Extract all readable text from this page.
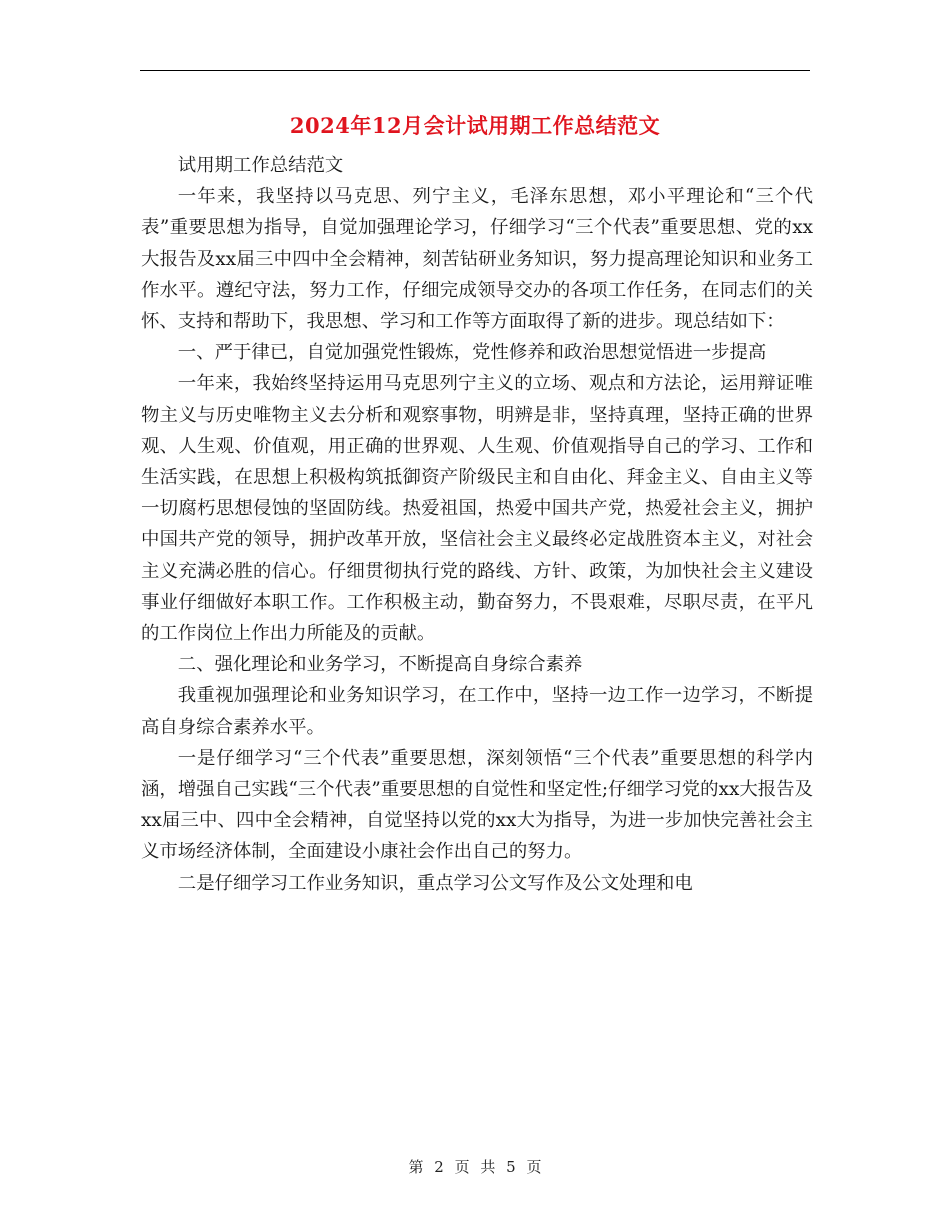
2024年12月会计试用期工作总结范文

试用期工作总结范文

一年来，我坚持以马克思、列宁主义，毛泽东思想，邓小平理论和“三个代表”重要思想为指导，自觉加强理论学习，仔细学习“三个代表”重要思想、党的xx大报告及xx届三中四中全会精神，刻苦钻研业务知识，努力提高理论知识和业务工作水平。遵纪守法，努力工作，仔细完成领导交办的各项工作任务，在同志们的关怀、支持和帮助下，我思想、学习和工作等方面取得了新的进步。现总结如下：

一、严于律已，自觉加强党性锻炼，党性修养和政治思想觉悟进一步提高

一年来，我始终坚持运用马克思列宁主义的立场、观点和方法论，运用辩证唯物主义与历史唯物主义去分析和观察事物，明辨是非，坚持真理，坚持正确的世界观、人生观、价值观，用正确的世界观、人生观、价值观指导自己的学习、工作和生活实践，在思想上积极构筑抵御资产阶级民主和自由化、拜金主义、自由主义等一切腐朽思想侵蚀的坚固防线。热爱祖国，热爱中国共产党，热爱社会主义，拥护中国共产党的领导，拥护改革开放，坚信社会主义最终必定战胜资本主义，对社会主义充满必胜的信心。仔细贯彻执行党的路线、方针、政策，为加快社会主义建设事业仔细做好本职工作。工作积极主动，勤奋努力，不畏艰难，尽职尽责，在平凡的工作岗位上作出力所能及的贡献。

二、强化理论和业务学习，不断提高自身综合素养

我重视加强理论和业务知识学习，在工作中，坚持一边工作一边学习，不断提高自身综合素养水平。

一是仔细学习“三个代表”重要思想，深刻领悟“三个代表”重要思想的科学内涵，增强自己实践“三个代表”重要思想的自觉性和坚定性;仔细学习党的xx大报告及xx届三中、四中全会精神，自觉坚持以党的xx大为指导，为进一步加快完善社会主义市场经济体制，全面建设小康社会作出自己的努力。

二是仔细学习工作业务知识，重点学习公文写作及公文处理和电

第 2 页 共 5 页
